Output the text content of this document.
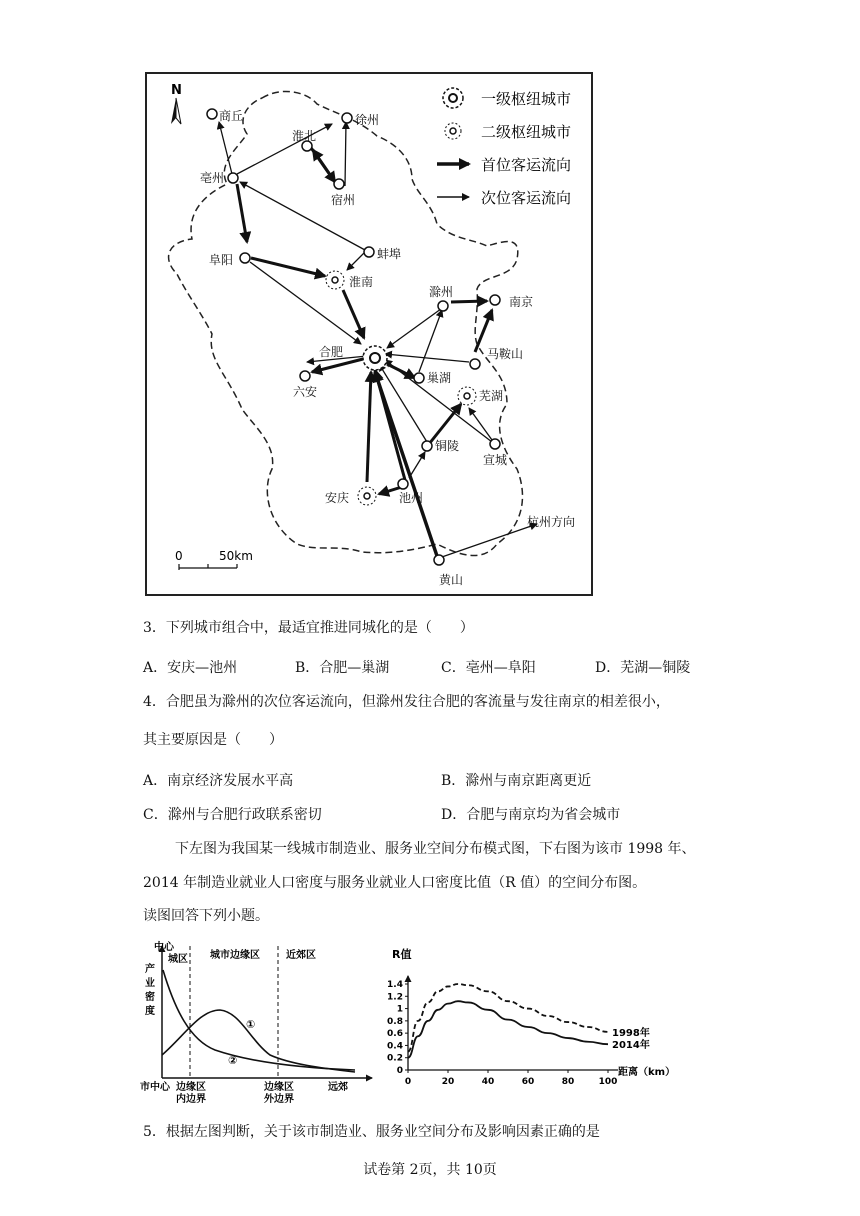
N	一级枢纽城市
二级枢纽城市
首位客运流向
次位客运流向
商丘
淮北
徐州
宿州
亳州
蚌埠
阜阳
淮南
滁州
南京
合肥
六安
巢湖
马鞍山
芜湖
铜陵
宣城
安庆	池州
杭州方向
黄山
0	50km
3．下列城市组合中，最适宜推进同城化的是（　　）
A．安庆—池州	B．合肥—巢湖	C．亳州—阜阳	D．芜湖—铜陵
4．合肥虽为滁州的次位客运流向，但滁州发往合肥的客流量与发往南京的相差很小，
其主要原因是（　　）
A．南京经济发展水平高	B．滁州与南京距离更近
C．滁州与合肥行政联系密切	D．合肥与南京均为省会城市
下左图为我国某一线城市制造业、服务业空间分布模式图，下右图为该市 1998 年、
2014 年制造业就业人口密度与服务业就业人口密度比值（R 值）的空间分布图。
读图回答下列小题。
中心
城区 城市边缘区	近郊区
产
业
密
度
①
②
市中心 边缘区
内边界
边缘区
外边界
远郊
R值
0
0.2
0.4
0.6
0.8
1
1.2
1.4
0	20	40	60	80	100
1998年
2014年
距离（km）
5．根据左图判断，关于该市制造业、服务业空间分布及影响因素正确的是
试卷第 2页，共 10页
